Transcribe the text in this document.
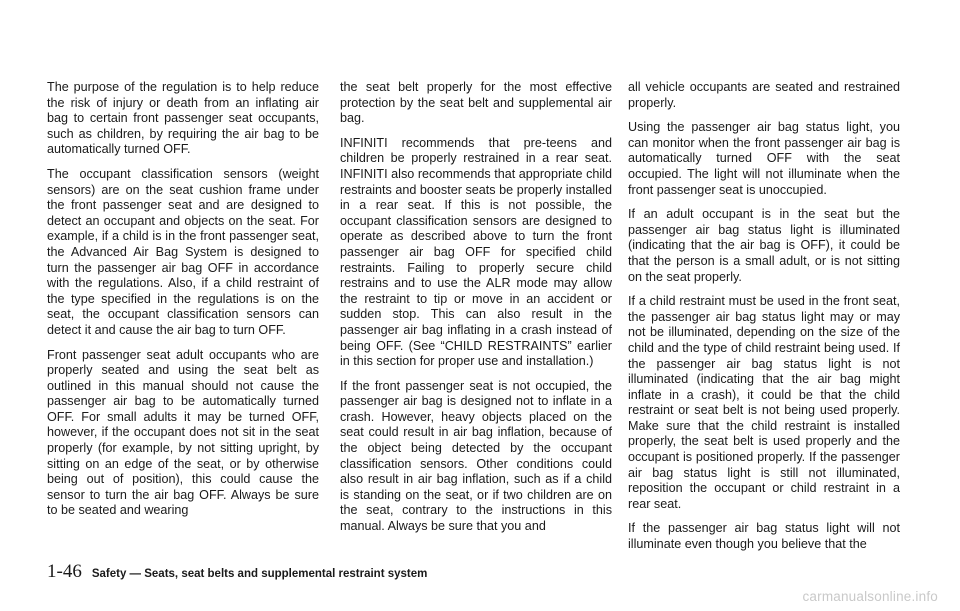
The purpose of the regulation is to help reduce the risk of injury or death from an inflating air bag to certain front passenger seat occupants, such as children, by requiring the air bag to be automatically turned OFF.

The occupant classification sensors (weight sensors) are on the seat cushion frame under the front passenger seat and are designed to detect an occupant and objects on the seat. For example, if a child is in the front passenger seat, the Advanced Air Bag System is designed to turn the passenger air bag OFF in accordance with the regulations. Also, if a child restraint of the type specified in the regulations is on the seat, the occupant classification sensors can detect it and cause the air bag to turn OFF.

Front passenger seat adult occupants who are properly seated and using the seat belt as outlined in this manual should not cause the passenger air bag to be automatically turned OFF. For small adults it may be turned OFF, however, if the occupant does not sit in the seat properly (for example, by not sitting upright, by sitting on an edge of the seat, or by otherwise being out of position), this could cause the sensor to turn the air bag OFF. Always be sure to be seated and wearing

the seat belt properly for the most effective protection by the seat belt and supplemental air bag.

INFINITI recommends that pre-teens and children be properly restrained in a rear seat. INFINITI also recommends that appropriate child restraints and booster seats be properly installed in a rear seat. If this is not possible, the occupant classification sensors are designed to operate as described above to turn the front passenger air bag OFF for specified child restraints. Failing to properly secure child restrains and to use the ALR mode may allow the restraint to tip or move in an accident or sudden stop. This can also result in the passenger air bag inflating in a crash instead of being OFF. (See “CHILD RESTRAINTS” earlier in this section for proper use and installation.)

If the front passenger seat is not occupied, the passenger air bag is designed not to inflate in a crash. However, heavy objects placed on the seat could result in air bag inflation, because of the object being detected by the occupant classification sensors. Other conditions could also result in air bag inflation, such as if a child is standing on the seat, or if two children are on the seat, contrary to the instructions in this manual. Always be sure that you and

all vehicle occupants are seated and restrained properly.

Using the passenger air bag status light, you can monitor when the front passenger air bag is automatically turned OFF with the seat occupied. The light will not illuminate when the front passenger seat is unoccupied.

If an adult occupant is in the seat but the passenger air bag status light is illuminated (indicating that the air bag is OFF), it could be that the person is a small adult, or is not sitting on the seat properly.

If a child restraint must be used in the front seat, the passenger air bag status light may or may not be illuminated, depending on the size of the child and the type of child restraint being used. If the passenger air bag status light is not illuminated (indicating that the air bag might inflate in a crash), it could be that the child restraint or seat belt is not being used properly. Make sure that the child restraint is installed properly, the seat belt is used properly and the occupant is positioned properly. If the passenger air bag status light is still not illuminated, reposition the occupant or child restraint in a rear seat.

If the passenger air bag status light will not illuminate even though you believe that the

1-46 Safety — Seats, seat belts and supplemental restraint system
carmanualsonline.info
